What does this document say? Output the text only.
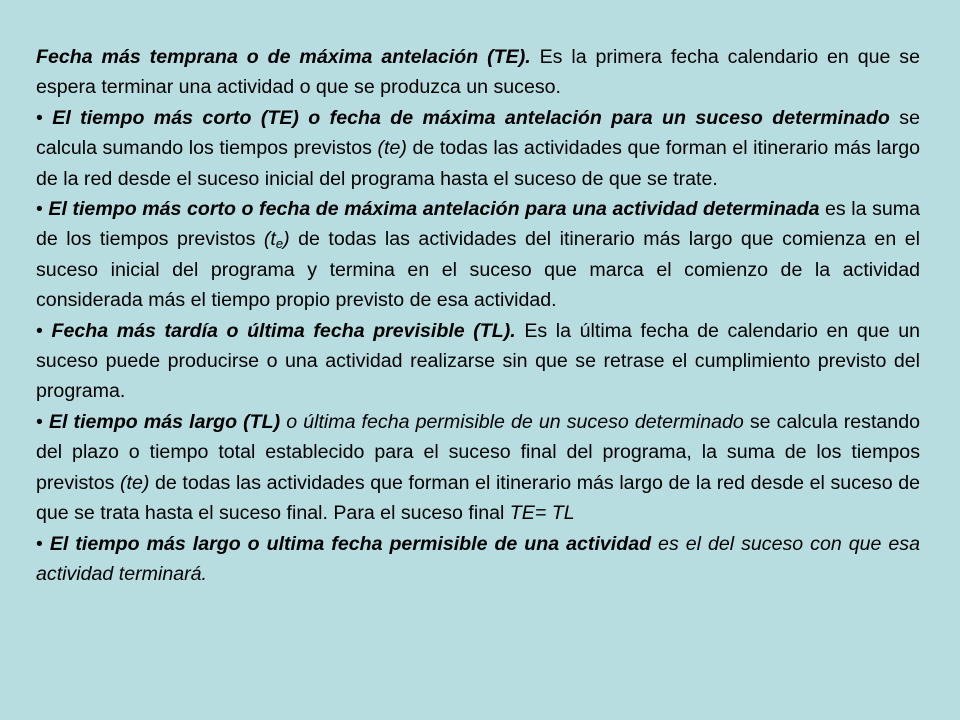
Fecha más temprana o de máxima antelación (TE). Es la primera fecha calendario en que se espera terminar una actividad o que se produzca un suceso.

• El tiempo más corto (TE) o fecha de máxima antelación para un suceso determinado se calcula sumando los tiempos previstos (te) de todas las actividades que forman el itinerario más largo de la red desde el suceso inicial del programa hasta el suceso de que se trate.

• El tiempo más corto o fecha de máxima antelación para una actividad determinada es la suma de los tiempos previstos $(t_e)$ de todas las actividades del itinerario más largo que comienza en el suceso inicial del programa y termina en el suceso que marca el comienzo de la actividad considerada más el tiempo propio previsto de esa actividad.

• Fecha más tardía o última fecha previsible (TL). Es la última fecha de calendario en que un suceso puede producirse o una actividad realizarse sin que se retrase el cumplimiento previsto del programa.

• El tiempo más largo (TL) o última fecha permisible de un suceso determinado se calcula restando del plazo o tiempo total establecido para el suceso final del programa, la suma de los tiempos previstos (te) de todas las actividades que forman el itinerario más largo de la red desde el suceso de que se trata hasta el suceso final. Para el suceso final TE= TL

• El tiempo más largo o ultima fecha permisible de una actividad es el del suceso con que esa actividad terminará.
